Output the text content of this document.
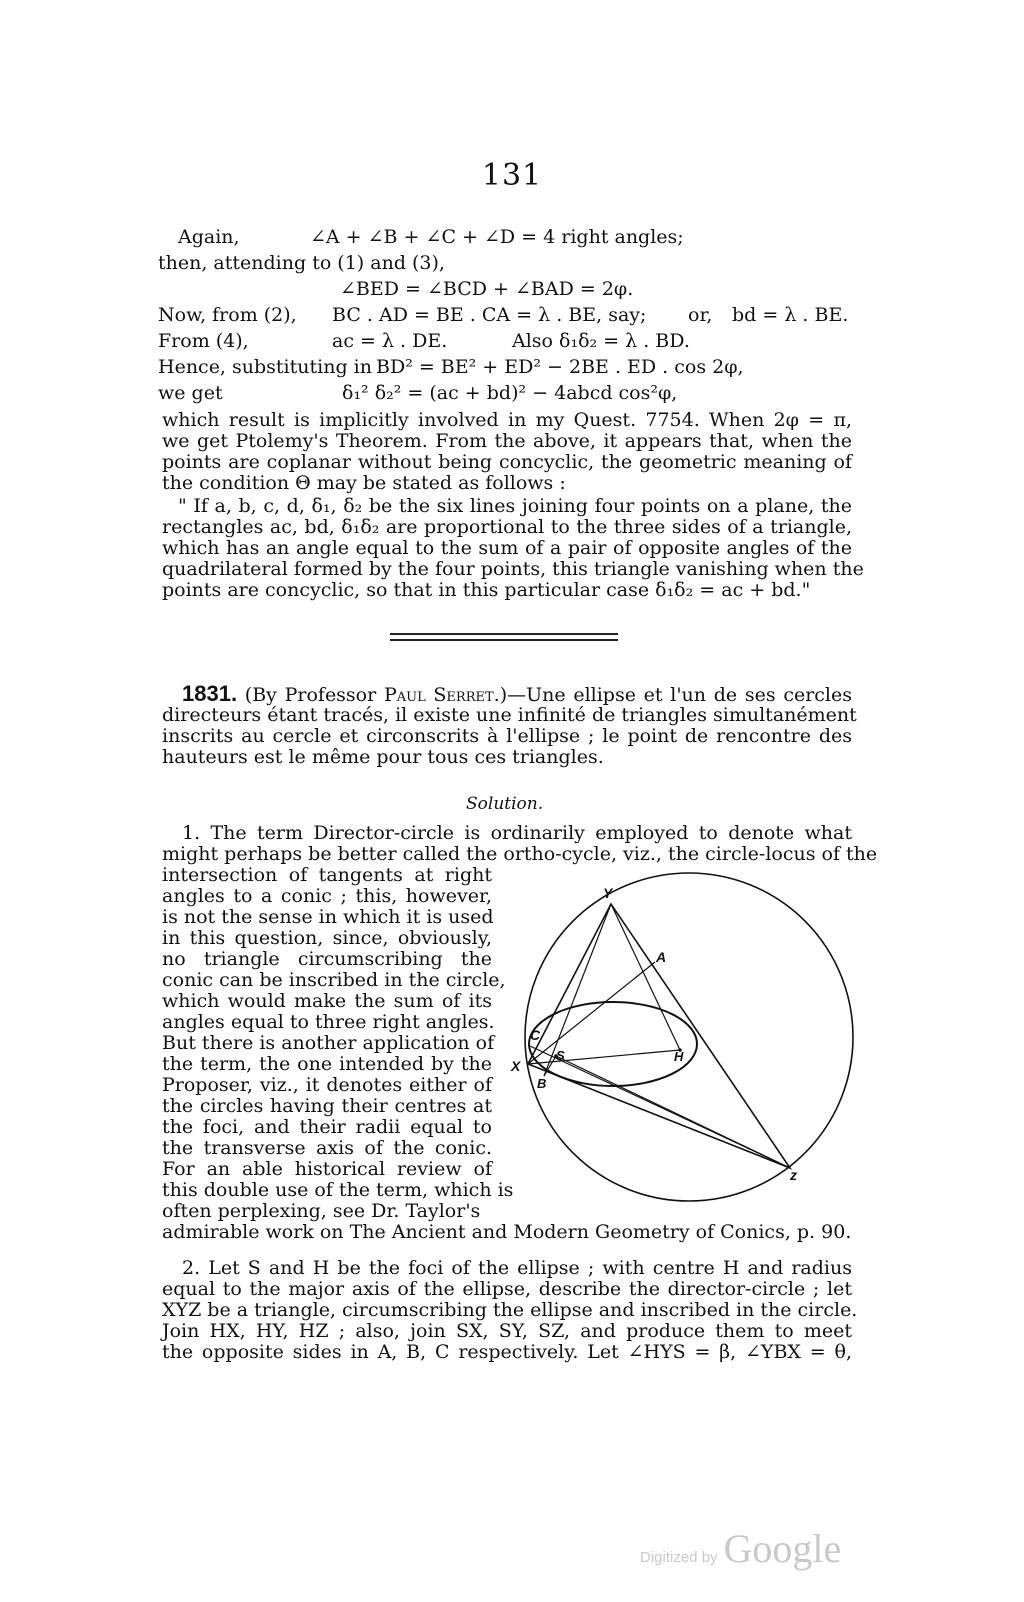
131
Again,	∠A + ∠B + ∠C + ∠D = 4 right angles;
then, attending to (1) and (3),
∠BED = ∠BCD + ∠BAD = 2φ.
Now, from (2), BC . AD = BE . CA = λ . BE, say; or, bd = λ . BE.
From (4),	ac = λ . DE.	Also δ₁δ₂ = λ . BD.
Hence, substituting in BD² = BE² + ED² − 2BE . ED . cos 2φ,
we get	δ₁² δ₂² = (ac + bd)² − 4abcd cos²φ,
which result is implicitly involved in my Quest. 7754. When 2φ = π,
we get Ptolemy's Theorem. From the above, it appears that, when the
points are coplanar without being concyclic, the geometric meaning of
the condition Θ may be stated as follows :
" If a, b, c, d, δ₁, δ₂ be the six lines joining four points on a plane, the
rectangles ac, bd, δ₁δ₂ are proportional to the three sides of a triangle,
which has an angle equal to the sum of a pair of opposite angles of the
quadrilateral formed by the four points, this triangle vanishing when the
points are concyclic, so that in this particular case δ₁δ₂ = ac + bd."
1831. (By Professor Paul Serret.)—Une ellipse et l'un de ses cercles
directeurs étant tracés, il existe une infinité de triangles simultanément
inscrits au cercle et circonscrits à l'ellipse ; le point de rencontre des
hauteurs est le même pour tous ces triangles.
Solution.
1. The term Director-circle is ordinarily employed to denote what
might perhaps be better called the ortho-cycle, viz., the circle-locus of the
intersection of tangents at right
angles to a conic ; this, however,
is not the sense in which it is used
in this question, since, obviously,
no triangle circumscribing the
conic can be inscribed in the circle,
which would make the sum of its
angles equal to three right angles.
But there is another application of
the term, the one intended by the
Proposer, viz., it denotes either of
the circles having their centres at
the foci, and their radii equal to
the transverse axis of the conic.
For an able historical review of
this double use of the term, which is
often perplexing, see Dr. Taylor's
admirable work on The Ancient and Modern Geometry of Conics, p. 90.
Y
A
C
S	H
X
B
z
2. Let S and H be the foci of the ellipse ; with centre H and radius
equal to the major axis of the ellipse, describe the director-circle ; let
XYZ be a triangle, circumscribing the ellipse and inscribed in the circle.
Join HX, HY, HZ ; also, join SX, SY, SZ, and produce them to meet
the opposite sides in A, B, C respectively. Let ∠HYS = β, ∠YBX = θ,
Digitized by Google
